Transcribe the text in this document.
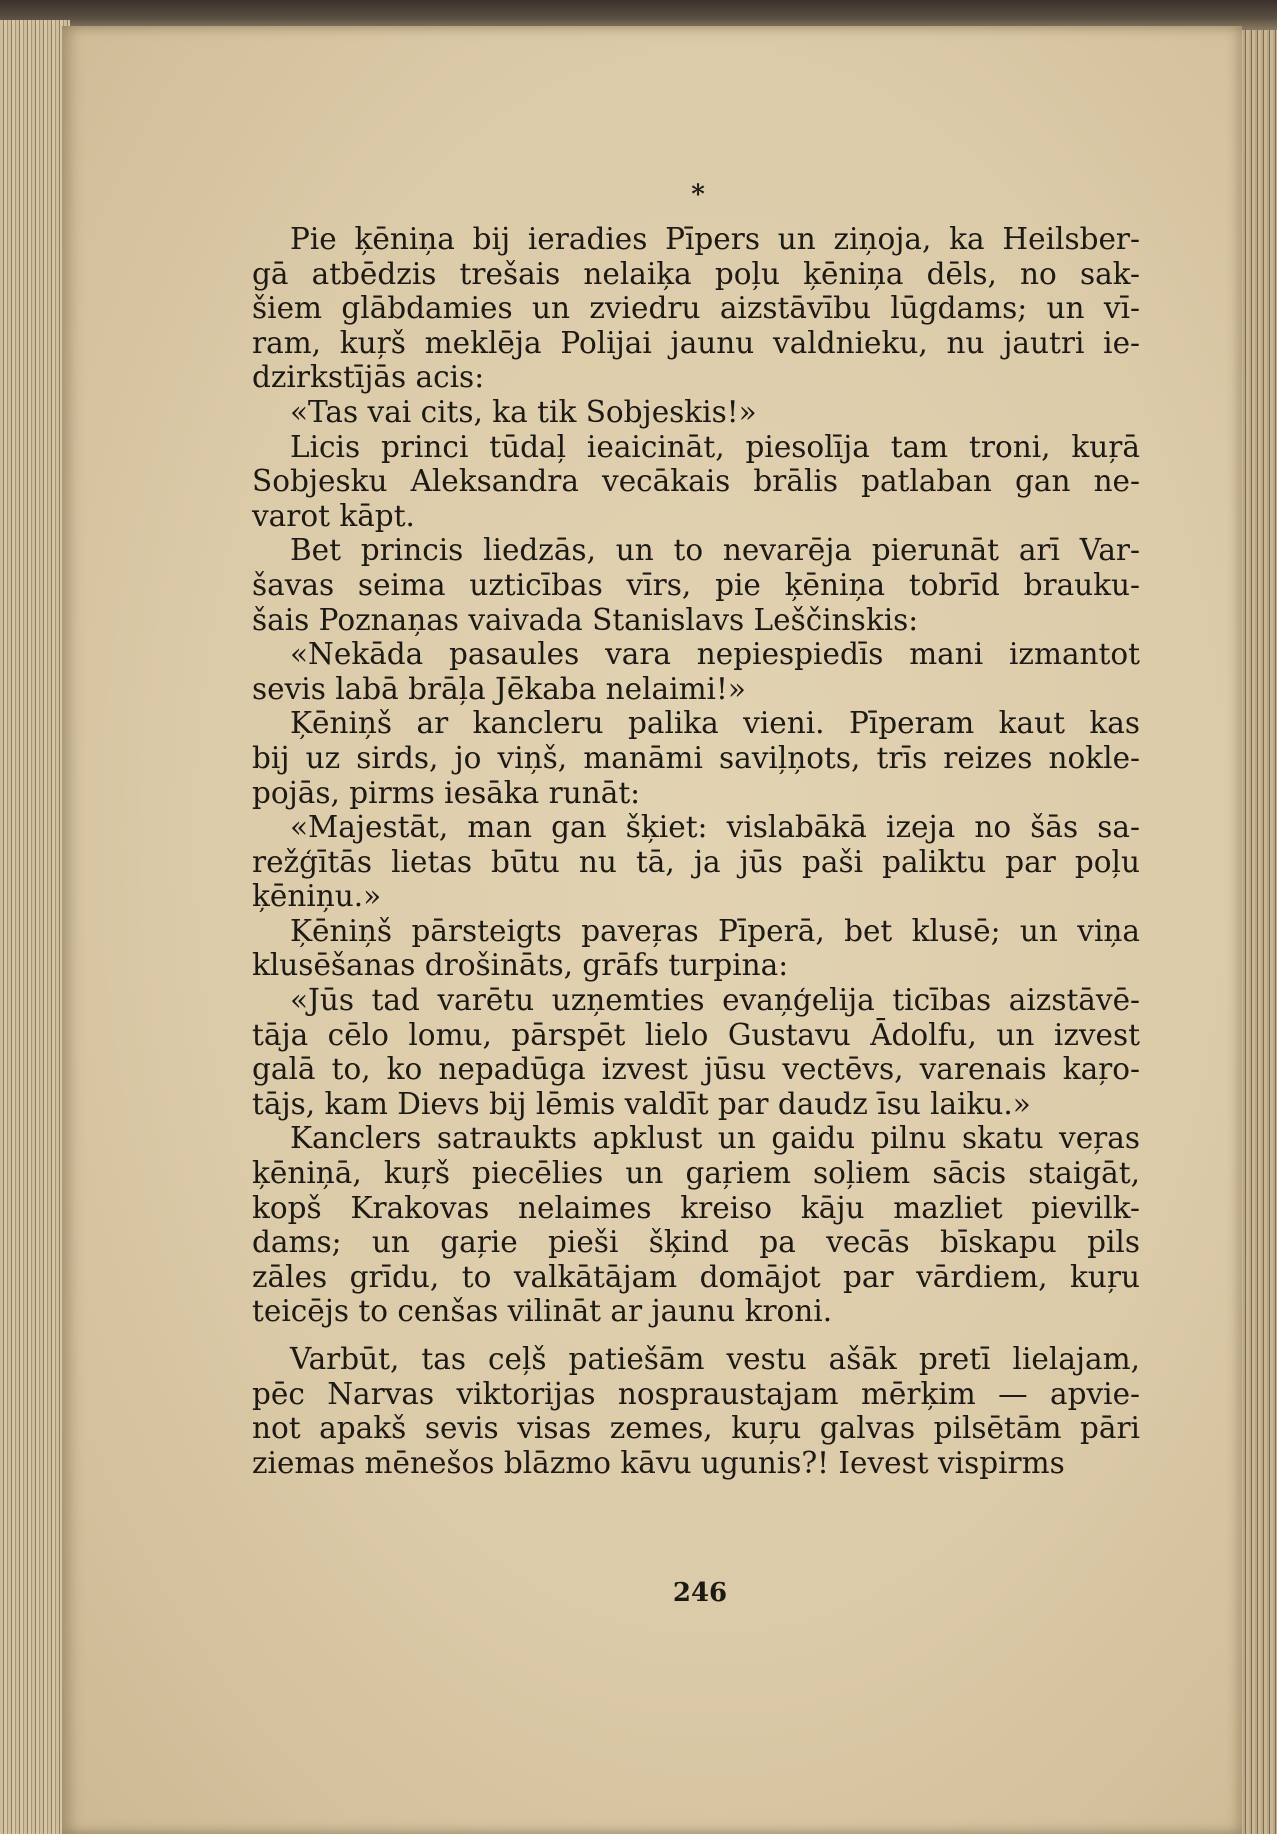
*
Pie ķēniņa bij ieradies Pīpers un ziņoja, ka Heilsber-
gā atbēdzis trešais nelaiķa poļu ķēniņa dēls, no sak-
šiem glābdamies un zviedru aizstāvību lūgdams; un vī-
ram, kuŗš meklēja Polijai jaunu valdnieku, nu jautri ie-
dzirkstījās acis:
«Tas vai cits, ka tik Sobjeskis!»
Licis princi tūdaļ ieaicināt, piesolīja tam troni, kuŗā
Sobjesku Aleksandra vecākais brālis patlaban gan ne-
varot kāpt.
Bet princis liedzās, un to nevarēja pierunāt arī Var-
šavas seima uzticības vīrs, pie ķēniņa tobrīd brauku-
šais Poznaņas vaivada Stanislavs Leščinskis:
«Nekāda pasaules vara nepiespiedīs mani izmantot
sevis labā brāļa Jēkaba nelaimi!»
Ķēniņš ar kancleru palika vieni. Pīperam kaut kas
bij uz sirds, jo viņš, manāmi saviļņots, trīs reizes nokle-
pojās, pirms iesāka runāt:
«Majestāt, man gan šķiet: vislabākā izeja no šās sa-
režģītās lietas būtu nu tā, ja jūs paši paliktu par poļu
ķēniņu.»
Ķēniņš pārsteigts paveŗas Pīperā, bet klusē; un viņa
klusēšanas drošināts, grāfs turpina:
«Jūs tad varētu uzņemties evaņģelija ticības aizstāvē-
tāja cēlo lomu, pārspēt lielo Gustavu Ādolfu, un izvest
galā to, ko nepadūga izvest jūsu vectēvs, varenais kaŗo-
tājs, kam Dievs bij lēmis valdīt par daudz īsu laiku.»
Kanclers satraukts apklust un gaidu pilnu skatu veŗas
ķēniņā, kuŗš piecēlies un gaŗiem soļiem sācis staigāt,
kopš Krakovas nelaimes kreiso kāju mazliet pievilk-
dams; un gaŗie pieši šķind pa vecās bīskapu pils
zāles grīdu, to valkātājam domājot par vārdiem, kuŗu
teicējs to cenšas vilināt ar jaunu kroni.
Varbūt, tas ceļš patiešām vestu ašāk pretī lielajam,
pēc Narvas viktorijas nospraustajam mērķim — apvie-
not apakš sevis visas zemes, kuŗu galvas pilsētām pāri
ziemas mēnešos blāzmo kāvu ugunis?! Ievest vispirms
246
